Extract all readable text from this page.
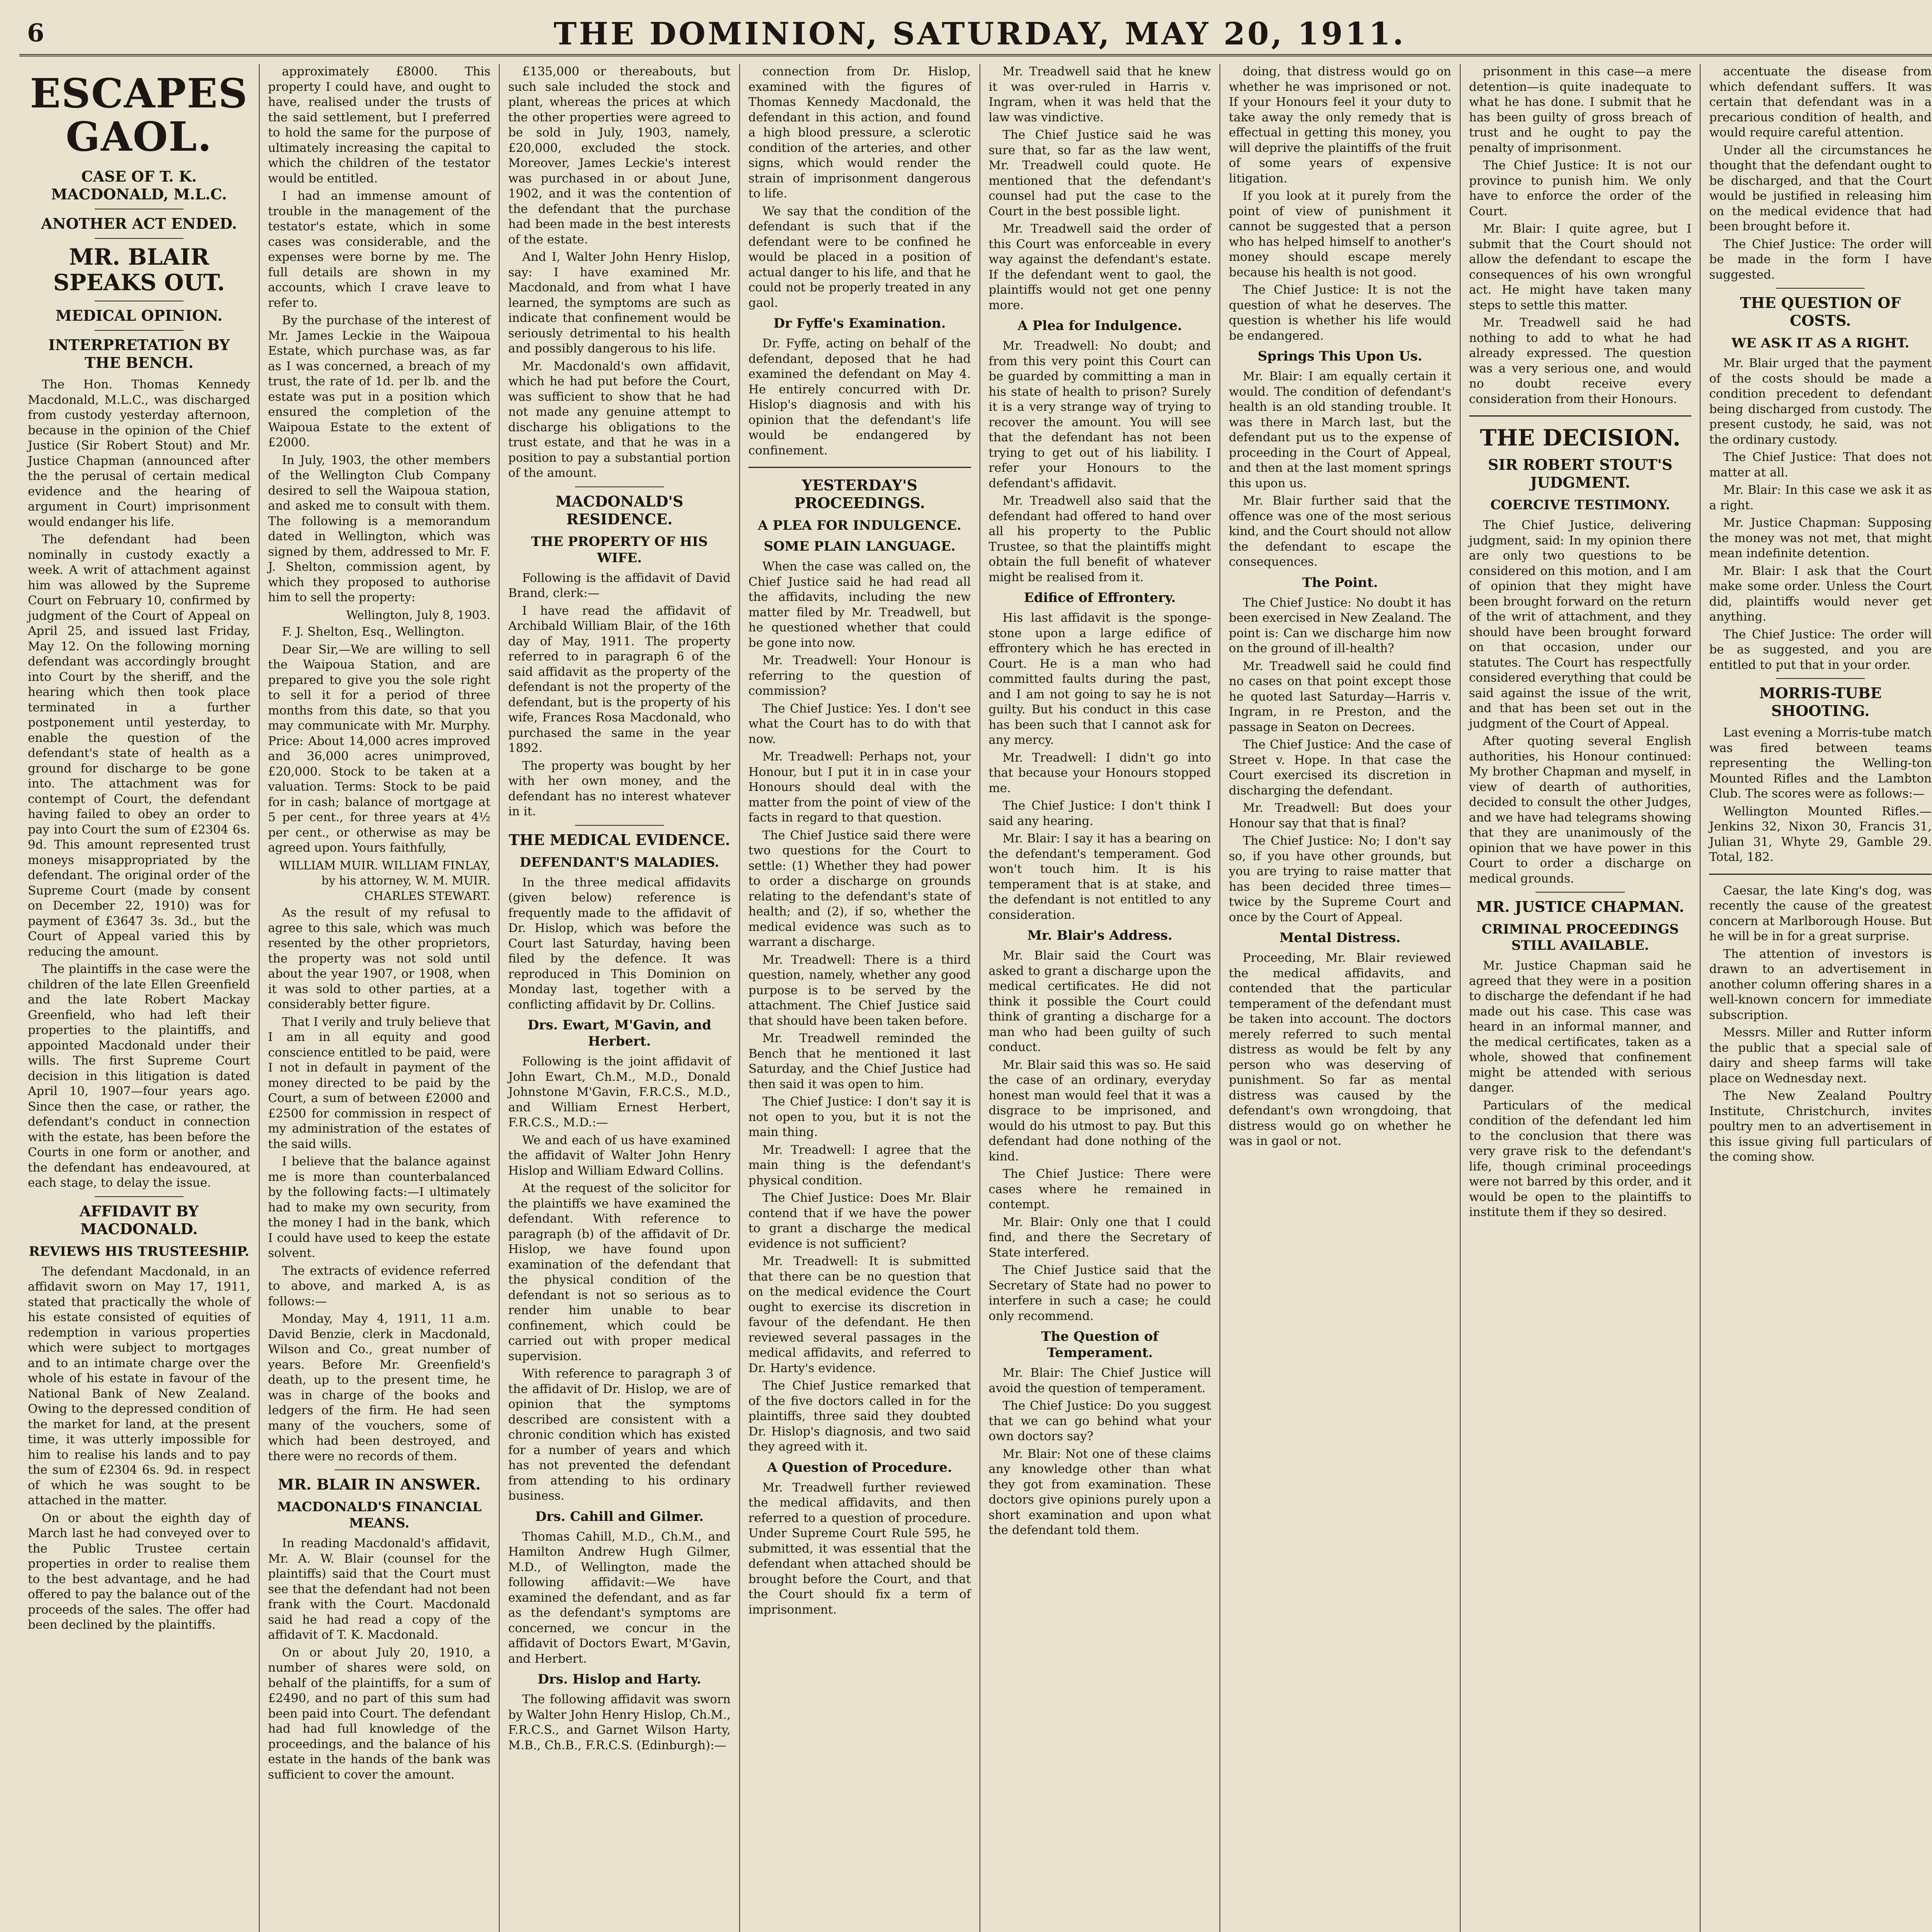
6	THE DOMINION, SATURDAY, MAY 20, 1911.
ESCAPES GAOL.
CASE OF T. K. MACDONALD, M.L.C.
ANOTHER ACT ENDED.
MR. BLAIR SPEAKS OUT.
MEDICAL OPINION.
INTERPRETATION BY THE BENCH.

The Hon. Thomas Kennedy Macdonald, M.L.C., was discharged from custody yesterday afternoon, because in the opinion of the Chief Justice (Sir Robert Stout) and Mr. Justice Chapman (announced after the the perusal of certain medical evidence and the hearing of argument in Court) imprisonment would endanger his life.

The defendant had been nominally in custody exactly a week. A writ of attachment against him was allowed by the Supreme Court on February 10, confirmed by judgment of the Court of Appeal on April 25, and issued last Friday, May 12. On the following morning defendant was accordingly brought into Court by the sheriff, and the hearing which then took place terminated in a further postponement until yesterday, to enable the question of the defendant's state of health as a ground for discharge to be gone into. The attachment was for contempt of Court, the defendant having failed to obey an order to pay into Court the sum of £2304 6s. 9d. This amount represented trust moneys misappropriated by the defendant. The original order of the Supreme Court (made by consent on December 22, 1910) was for payment of £3647 3s. 3d., but the Court of Appeal varied this by reducing the amount.

The plaintiffs in the case were the children of the late Ellen Greenfield and the late Robert Mackay Greenfield, who had left their properties to the plaintiffs, and appointed Macdonald under their wills. The first Supreme Court decision in this litigation is dated April 10, 1907—four years ago. Since then the case, or rather, the defendant's conduct in connection with the estate, has been before the Courts in one form or another, and the defendant has endeavoured, at each stage, to delay the issue.

AFFIDAVIT BY MACDONALD.
REVIEWS HIS TRUSTEESHIP.

The defendant Macdonald, in an affidavit sworn on May 17, 1911, stated that practically the whole of his estate consisted of equities of redemption in various properties which were subject to mortgages and to an intimate charge over the whole of his estate in favour of the National Bank of New Zealand. Owing to the depressed condition of the market for land, at the present time, it was utterly impossible for him to realise his lands and to pay the sum of £2304 6s. 9d. in respect of which he was sought to be attached in the matter.

On or about the eighth day of March last he had conveyed over to the Public Trustee certain properties in order to realise them to the best advantage, and he had offered to pay the balance out of the proceeds of the sales. The offer had been declined by the plaintiffs.

approximately £8000. This property I could have, and ought to have, realised under the trusts of the said settlement, but I preferred to hold the same for the purpose of ultimately increasing the capital to which the children of the testator would be entitled.

I had an immense amount of trouble in the management of the testator's estate, which in some cases was considerable, and the expenses were borne by me. The full details are shown in my accounts, which I crave leave to refer to.

By the purchase of the interest of Mr. James Leckie in the Waipoua Estate, which purchase was, as far as I was concerned, a breach of my trust, the rate of 1d. per lb. and the estate was put in a position which ensured the completion of the Waipoua Estate to the extent of £2000.

In July, 1903, the other members of the Wellington Club Company desired to sell the Waipoua station, and asked me to consult with them. The following is a memorandum dated in Wellington, which was signed by them, addressed to Mr. F. J. Shelton, commission agent, by which they proposed to authorise him to sell the property:

Wellington, July 8, 1903.

F. J. Shelton, Esq., Wellington.

Dear Sir,—We are willing to sell the Waipoua Station, and are prepared to give you the sole right to sell it for a period of three months from this date, so that you may communicate with Mr. Murphy. Price: About 14,000 acres improved and 36,000 acres unimproved, £20,000. Stock to be taken at a valuation. Terms: Stock to be paid for in cash; balance of mortgage at 5 per cent., for three years at 4½ per cent., or otherwise as may be agreed upon. Yours faithfully,

WILLIAM MUIR. WILLIAM FINLAY, by his attorney, W. M. MUIR. CHARLES STEWART.

As the result of my refusal to agree to this sale, which was much resented by the other proprietors, the property was not sold until about the year 1907, or 1908, when it was sold to other parties, at a considerably better figure.

That I verily and truly believe that I am in all equity and good conscience entitled to be paid, were I not in default in payment of the money directed to be paid by the Court, a sum of between £2000 and £2500 for commission in respect of my administration of the estates of the said wills.

I believe that the balance against me is more than counterbalanced by the following facts:—I ultimately had to make my own security, from the money I had in the bank, which I could have used to keep the estate solvent.

The extracts of evidence referred to above, and marked A, is as follows:—

Monday, May 4, 1911, 11 a.m. David Benzie, clerk in Macdonald, Wilson and Co., great number of years. Before Mr. Greenfield's death, up to the present time, he was in charge of the books and ledgers of the firm. He had seen many of the vouchers, some of which had been destroyed, and there were no records of them.

MR. BLAIR IN ANSWER.
MACDONALD'S FINANCIAL MEANS.

In reading Macdonald's affidavit, Mr. A. W. Blair (counsel for the plaintiffs) said that the Court must see that the defendant had not been frank with the Court. Macdonald said he had read a copy of the affidavit of T. K. Macdonald.

On or about July 20, 1910, a number of shares were sold, on behalf of the plaintiffs, for a sum of £2490, and no part of this sum had been paid into Court. The defendant had had full knowledge of the proceedings, and the balance of his estate in the hands of the bank was sufficient to cover the amount.

£135,000 or thereabouts, but such sale included the stock and plant, whereas the prices at which the other properties were agreed to be sold in July, 1903, namely, £20,000, excluded the stock. Moreover, James Leckie's interest was purchased in or about June, 1902, and it was the contention of the defendant that the purchase had been made in the best interests of the estate.

And I, Walter John Henry Hislop, say: I have examined Mr. Macdonald, and from what I have learned, the symptoms are such as indicate that confinement would be seriously detrimental to his health and possibly dangerous to his life.

Mr. Macdonald's own affidavit, which he had put before the Court, was sufficient to show that he had not made any genuine attempt to discharge his obligations to the trust estate, and that he was in a position to pay a substantial portion of the amount.

MACDONALD'S RESIDENCE.
THE PROPERTY OF HIS WIFE.

Following is the affidavit of David Brand, clerk:—

I have read the affidavit of Archibald William Blair, of the 16th day of May, 1911. The property referred to in paragraph 6 of the said affidavit as the property of the defendant is not the property of the defendant, but is the property of his wife, Frances Rosa Macdonald, who purchased the same in the year 1892.

The property was bought by her with her own money, and the defendant has no interest whatever in it.

THE MEDICAL EVIDENCE.
DEFENDANT'S MALADIES.

In the three medical affidavits (given below) reference is frequently made to the affidavit of Dr. Hislop, which was before the Court last Saturday, having been filed by the defence. It was reproduced in This Dominion on Monday last, together with a conflicting affidavit by Dr. Collins.

Drs. Ewart, M'Gavin, and Herbert.

Following is the joint affidavit of John Ewart, Ch.M., M.D., Donald Johnstone M'Gavin, F.R.C.S., M.D., and William Ernest Herbert, F.R.C.S., M.D.:—

We and each of us have examined the affidavit of Walter John Henry Hislop and William Edward Collins.

At the request of the solicitor for the plaintiffs we have examined the defendant. With reference to paragraph (b) of the affidavit of Dr. Hislop, we have found upon examination of the defendant that the physical condition of the defendant is not so serious as to render him unable to bear confinement, which could be carried out with proper medical supervision.

With reference to paragraph 3 of the affidavit of Dr. Hislop, we are of opinion that the symptoms described are consistent with a chronic condition which has existed for a number of years and which has not prevented the defendant from attending to his ordinary business.

Drs. Cahill and Gilmer.

Thomas Cahill, M.D., Ch.M., and Hamilton Andrew Hugh Gilmer, M.D., of Wellington, made the following affidavit:—We have examined the defendant, and as far as the defendant's symptoms are concerned, we concur in the affidavit of Doctors Ewart, M'Gavin, and Herbert.

Drs. Hislop and Harty.

The following affidavit was sworn by Walter John Henry Hislop, Ch.M., F.R.C.S., and Garnet Wilson Harty, M.B., Ch.B., F.R.C.S. (Edinburgh):—

connection from Dr. Hislop, examined with the figures of Thomas Kennedy Macdonald, the defendant in this action, and found a high blood pressure, a sclerotic condition of the arteries, and other signs, which would render the strain of imprisonment dangerous to life.

We say that the condition of the defendant is such that if the defendant were to be confined he would be placed in a position of actual danger to his life, and that he could not be properly treated in any gaol.

Dr Fyffe's Examination.

Dr. Fyffe, acting on behalf of the defendant, deposed that he had examined the defendant on May 4. He entirely concurred with Dr. Hislop's diagnosis and with his opinion that the defendant's life would be endangered by confinement.

YESTERDAY'S PROCEEDINGS.
A PLEA FOR INDULGENCE.
SOME PLAIN LANGUAGE.

When the case was called on, the Chief Justice said he had read all the affidavits, including the new matter filed by Mr. Treadwell, but he questioned whether that could be gone into now.

Mr. Treadwell: Your Honour is referring to the question of commission?

The Chief Justice: Yes. I don't see what the Court has to do with that now.

Mr. Treadwell: Perhaps not, your Honour, but I put it in in case your Honours should deal with the matter from the point of view of the facts in regard to that question.

The Chief Justice said there were two questions for the Court to settle: (1) Whether they had power to order a discharge on grounds relating to the defendant's state of health; and (2), if so, whether the medical evidence was such as to warrant a discharge.

Mr. Treadwell: There is a third question, namely, whether any good purpose is to be served by the attachment. The Chief Justice said that should have been taken before.

Mr. Treadwell reminded the Bench that he mentioned it last Saturday, and the Chief Justice had then said it was open to him.

The Chief Justice: I don't say it is not open to you, but it is not the main thing.

Mr. Treadwell: I agree that the main thing is the defendant's physical condition.

The Chief Justice: Does Mr. Blair contend that if we have the power to grant a discharge the medical evidence is not sufficient?

Mr. Treadwell: It is submitted that there can be no question that on the medical evidence the Court ought to exercise its discretion in favour of the defendant. He then reviewed several passages in the medical affidavits, and referred to Dr. Harty's evidence.

The Chief Justice remarked that of the five doctors called in for the plaintiffs, three said they doubted Dr. Hislop's diagnosis, and two said they agreed with it.

A Question of Procedure.

Mr. Treadwell further reviewed the medical affidavits, and then referred to a question of procedure. Under Supreme Court Rule 595, he submitted, it was essential that the defendant when attached should be brought before the Court, and that the Court should fix a term of imprisonment.

Mr. Treadwell said that he knew it was over-ruled in Harris v. Ingram, when it was held that the law was vindictive.

The Chief Justice said he was sure that, so far as the law went, Mr. Treadwell could quote. He mentioned that the defendant's counsel had put the case to the Court in the best possible light.

Mr. Treadwell said the order of this Court was enforceable in every way against the defendant's estate. If the defendant went to gaol, the plaintiffs would not get one penny more.

A Plea for Indulgence.

Mr. Treadwell: No doubt; and from this very point this Court can be guarded by committing a man in his state of health to prison? Surely it is a very strange way of trying to recover the amount. You will see that the defendant has not been trying to get out of his liability. I refer your Honours to the defendant's affidavit.

Mr. Treadwell also said that the defendant had offered to hand over all his property to the Public Trustee, so that the plaintiffs might obtain the full benefit of whatever might be realised from it.

Edifice of Effrontery.

His last affidavit is the sponge-stone upon a large edifice of effrontery which he has erected in Court. He is a man who had committed faults during the past, and I am not going to say he is not guilty. But his conduct in this case has been such that I cannot ask for any mercy.

Mr. Treadwell: I didn't go into that because your Honours stopped me.

The Chief Justice: I don't think I said any hearing.

Mr. Blair: I say it has a bearing on the defendant's temperament. God won't touch him. It is his temperament that is at stake, and the defendant is not entitled to any consideration.

Mr. Blair's Address.

Mr. Blair said the Court was asked to grant a discharge upon the medical certificates. He did not think it possible the Court could think of granting a discharge for a man who had been guilty of such conduct.

Mr. Blair said this was so. He said the case of an ordinary, everyday honest man would feel that it was a disgrace to be imprisoned, and would do his utmost to pay. But this defendant had done nothing of the kind.

The Chief Justice: There were cases where he remained in contempt.

Mr. Blair: Only one that I could find, and there the Secretary of State interfered.

The Chief Justice said that the Secretary of State had no power to interfere in such a case; he could only recommend.

The Question of Temperament.

Mr. Blair: The Chief Justice will avoid the question of temperament.

The Chief Justice: Do you suggest that we can go behind what your own doctors say?

Mr. Blair: Not one of these claims any knowledge other than what they got from examination. These doctors give opinions purely upon a short examination and upon what the defendant told them.

doing, that distress would go on whether he was imprisoned or not. If your Honours feel it your duty to take away the only remedy that is effectual in getting this money, you will deprive the plaintiffs of the fruit of some years of expensive litigation.

If you look at it purely from the point of view of punishment it cannot be suggested that a person who has helped himself to another's money should escape merely because his health is not good.

The Chief Justice: It is not the question of what he deserves. The question is whether his life would be endangered.

Springs This Upon Us.

Mr. Blair: I am equally certain it would. The condition of defendant's health is an old standing trouble. It was there in March last, but the defendant put us to the expense of proceeding in the Court of Appeal, and then at the last moment springs this upon us.

Mr. Blair further said that the offence was one of the most serious kind, and the Court should not allow the defendant to escape the consequences.

The Point.

The Chief Justice: No doubt it has been exercised in New Zealand. The point is: Can we discharge him now on the ground of ill-health?

Mr. Treadwell said he could find no cases on that point except those he quoted last Saturday—Harris v. Ingram, in re Preston, and the passage in Seaton on Decrees.

The Chief Justice: And the case of Street v. Hope. In that case the Court exercised its discretion in discharging the defendant.

Mr. Treadwell: But does your Honour say that that is final?

The Chief Justice: No; I don't say so, if you have other grounds, but you are trying to raise matter that has been decided three times—twice by the Supreme Court and once by the Court of Appeal.

Mental Distress.

Proceeding, Mr. Blair reviewed the medical affidavits, and contended that the particular temperament of the defendant must be taken into account. The doctors merely referred to such mental distress as would be felt by any person who was deserving of punishment. So far as mental distress was caused by the defendant's own wrongdoing, that distress would go on whether he was in gaol or not.

prisonment in this case—a mere detention—is quite inadequate to what he has done. I submit that he has been guilty of gross breach of trust and he ought to pay the penalty of imprisonment.

The Chief Justice: It is not our province to punish him. We only have to enforce the order of the Court.

Mr. Blair: I quite agree, but I submit that the Court should not allow the defendant to escape the consequences of his own wrongful act. He might have taken many steps to settle this matter.

Mr. Treadwell said he had nothing to add to what he had already expressed. The question was a very serious one, and would no doubt receive every consideration from their Honours.

THE DECISION.
SIR ROBERT STOUT'S JUDGMENT.
COERCIVE TESTIMONY.

The Chief Justice, delivering judgment, said: In my opinion there are only two questions to be considered on this motion, and I am of opinion that they might have been brought forward on the return of the writ of attachment, and they should have been brought forward on that occasion, under our statutes. The Court has respectfully considered everything that could be said against the issue of the writ, and that has been set out in the judgment of the Court of Appeal.

After quoting several English authorities, his Honour continued: My brother Chapman and myself, in view of dearth of authorities, decided to consult the other Judges, and we have had telegrams showing that they are unanimously of the opinion that we have power in this Court to order a discharge on medical grounds.

MR. JUSTICE CHAPMAN.
CRIMINAL PROCEEDINGS STILL AVAILABLE.

Mr. Justice Chapman said he agreed that they were in a position to discharge the defendant if he had made out his case. This case was heard in an informal manner, and the medical certificates, taken as a whole, showed that confinement might be attended with serious danger.

Particulars of the medical condition of the defendant led him to the conclusion that there was very grave risk to the defendant's life, though criminal proceedings were not barred by this order, and it would be open to the plaintiffs to institute them if they so desired.

accentuate the disease from which defendant suffers. It was certain that defendant was in a precarious condition of health, and would require careful attention.

Under all the circumstances he thought that the defendant ought to be discharged, and that the Court would be justified in releasing him on the medical evidence that had been brought before it.

The Chief Justice: The order will be made in the form I have suggested.

THE QUESTION OF COSTS.
WE ASK IT AS A RIGHT.

Mr. Blair urged that the payment of the costs should be made a condition precedent to defendant being discharged from custody. The present custody, he said, was not the ordinary custody.

The Chief Justice: That does not matter at all.

Mr. Blair: In this case we ask it as a right.

Mr. Justice Chapman: Supposing the money was not met, that might mean indefinite detention.

Mr. Blair: I ask that the Court make some order. Unless the Court did, plaintiffs would never get anything.

The Chief Justice: The order will be as suggested, and you are entitled to put that in your order.

MORRIS-TUBE SHOOTING.

Last evening a Morris-tube match was fired between teams representing the Welling-ton Mounted Rifles and the Lambton Club. The scores were as follows:—

Wellington Mounted Rifles.—Jenkins 32, Nixon 30, Francis 31, Julian 31, Whyte 29, Gamble 29. Total, 182.

Caesar, the late King's dog, was recently the cause of the greatest concern at Marlborough House. But he will be in for a great surprise.

The attention of investors is drawn to an advertisement in another column offering shares in a well-known concern for immediate subscription.

Messrs. Miller and Rutter inform the public that a special sale of dairy and sheep farms will take place on Wednesday next.

The New Zealand Poultry Institute, Christchurch, invites poultry men to an advertisement in this issue giving full particulars of the coming show.
